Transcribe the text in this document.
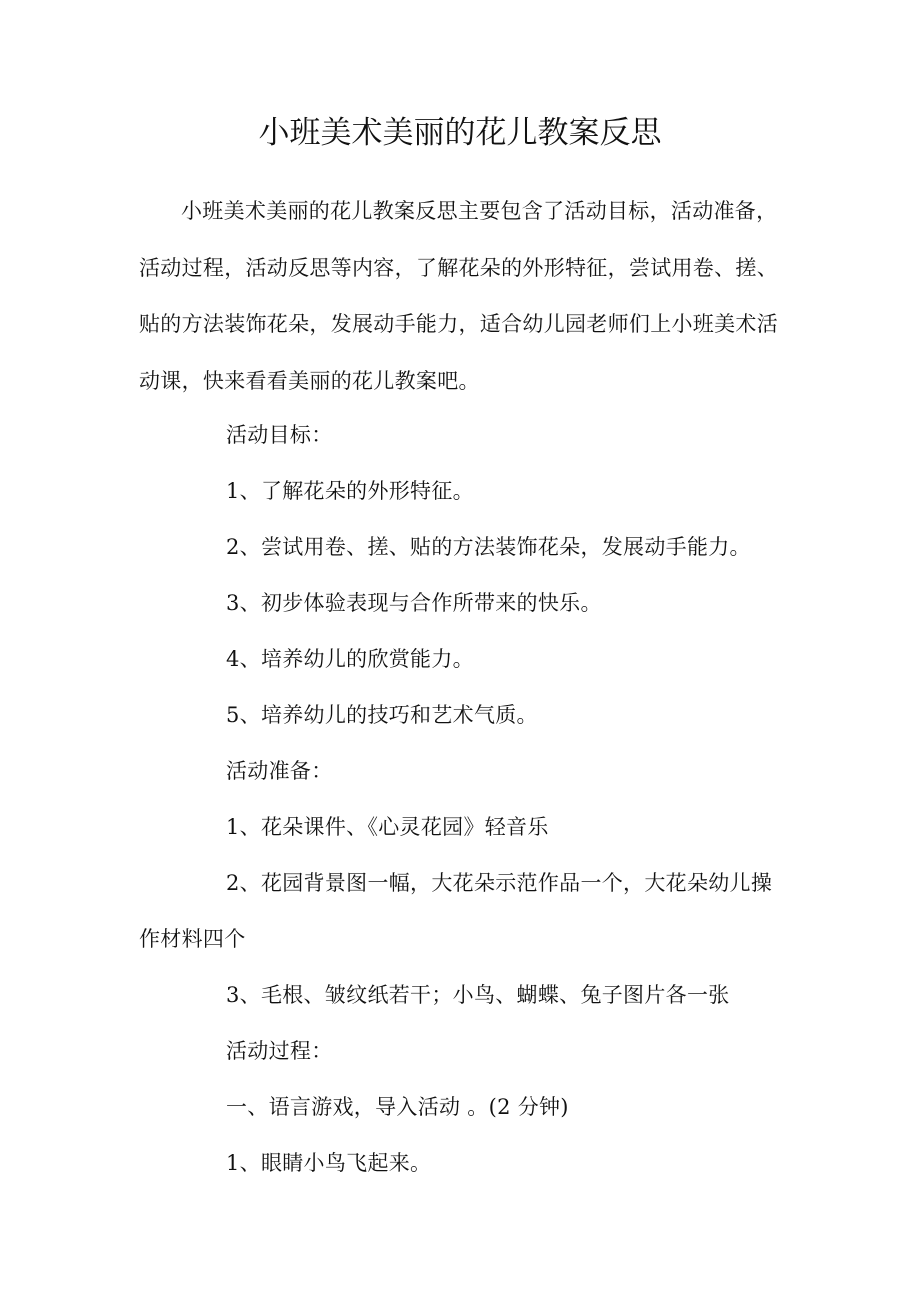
小班美术美丽的花儿教案反思

小班美术美丽的花儿教案反思主要包含了活动目标，活动准备，活动过程，活动反思等内容，了解花朵的外形特征，尝试用卷、搓、贴的方法装饰花朵，发展动手能力，适合幼儿园老师们上小班美术活动课，快来看看美丽的花儿教案吧。

活动目标：

1、了解花朵的外形特征。

2、尝试用卷、搓、贴的方法装饰花朵，发展动手能力。

3、初步体验表现与合作所带来的快乐。

4、培养幼儿的欣赏能力。

5、培养幼儿的技巧和艺术气质。

活动准备：

1、花朵课件、《心灵花园》轻音乐

2、花园背景图一幅，大花朵示范作品一个，大花朵幼儿操

作材料四个

3、毛根、皱纹纸若干；小鸟、蝴蝶、兔子图片各一张

活动过程：

一、语言游戏，导入活动 。(2 分钟)

1、眼睛小鸟飞起来。
